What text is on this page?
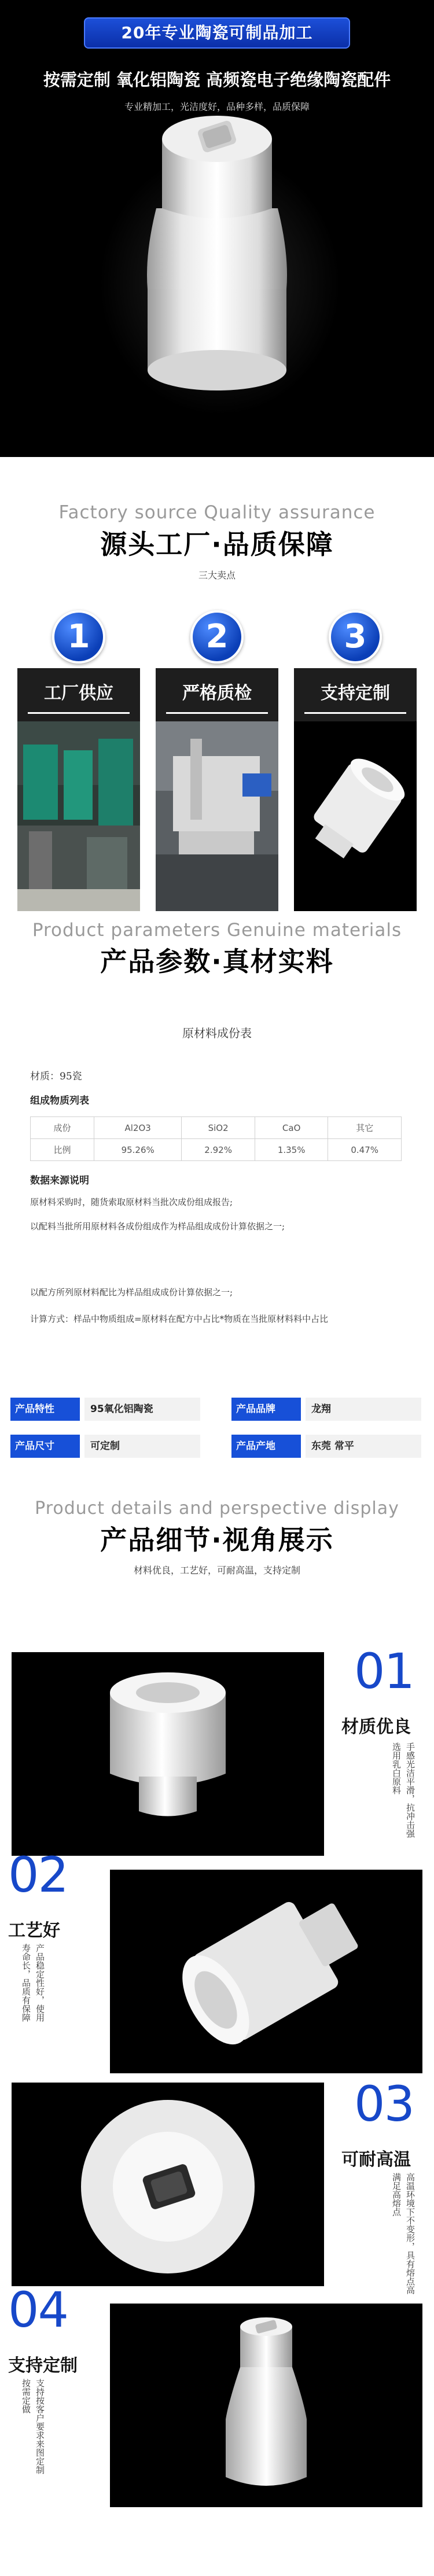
20年专业陶瓷可制品加工
按需定制 氧化铝陶瓷 高频瓷电子绝缘陶瓷配件
专业精加工，光洁度好，品种多样，品质保障
Factory source Quality assurance
源头工厂·品质保障
三大卖点
1
工厂供应
2
严格质检
3
支持定制
Product parameters Genuine materials
产品参数·真材实料
原材料成份表
材质：95瓷
组成物质列表
成份	Al2O3	SiO2	CaO	其它
比例	95.26%	2.92%	1.35%	0.47%
数据来源说明
原材料采购时，随货索取原材料当批次成份组成报告;
以配料当批所用原材料各成份组成作为样品组成成份计算依据之一;
以配方所列原材料配比为样品组成成份计算依据之一;
计算方式：样品中物质组成=原材料在配方中占比*物质在当批原材料料中占比
产品特性	95氧化铝陶瓷	产品品牌	龙翔
产品尺寸	可定制	产品产地	东莞 常平
Product details and perspective display
产品细节·视角展示
材料优良，工艺好，可耐高温，支持定制
01
材质优良
手感光洁平滑，抗冲击强
选用乳白原料
02
工艺好
产品稳定性好，使用
寿命长，品质有保障
03
可耐高温
高温环境下不变形，具有熔点高
满足高熔点
04
支持定制
支持按客户要求来图定制
按需定做
